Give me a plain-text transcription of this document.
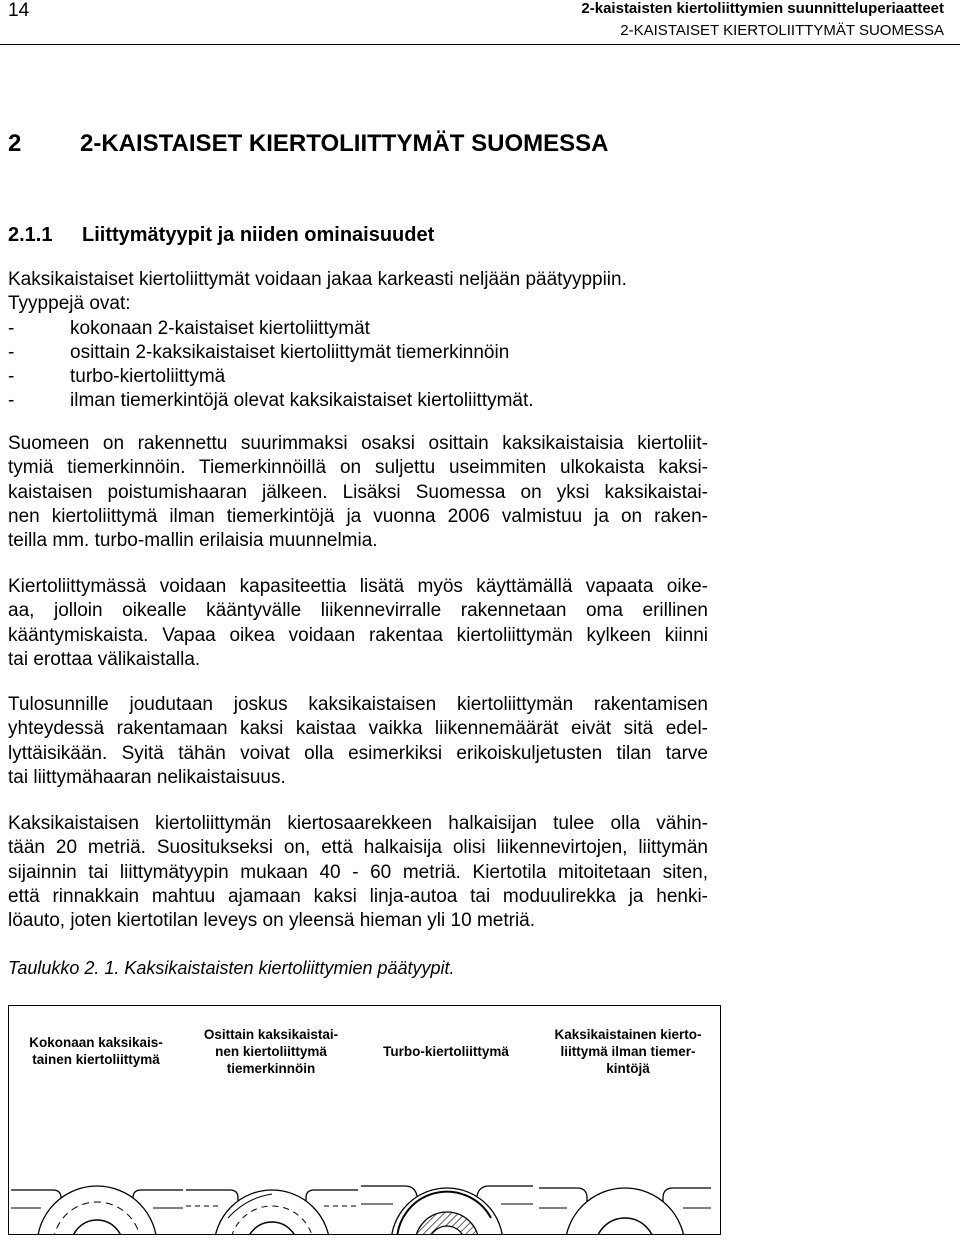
14	2-kaistaisten kiertoliittymien suunnitteluperiaatteet
2-KAISTAISET KIERTOLIITTYMÄT SUOMESSA
2 2-KAISTAISET KIERTOLIITTYMÄT SUOMESSA
2.1.1 Liittymätyypit ja niiden ominaisuudet
Kaksikaistaiset kiertoliittymät voidaan jakaa karkeasti neljään päätyyppiin.
Tyyppejä ovat:
-	kokonaan 2-kaistaiset kiertoliittymät
-	osittain 2-kaksikaistaiset kiertoliittymät tiemerkinnöin
-	turbo-kiertoliittymä
-	ilman tiemerkintöjä olevat kaksikaistaiset kiertoliittymät.
Suomeen on rakennettu suurimmaksi osaksi osittain kaksikaistaisia kiertoliit-
tymiä tiemerkinnöin. Tiemerkinnöillä on suljettu useimmiten ulkokaista kaksi-
kaistaisen poistumishaaran jälkeen. Lisäksi Suomessa on yksi kaksikaistai-
nen kiertoliittymä ilman tiemerkintöjä ja vuonna 2006 valmistuu ja on raken-
teilla mm. turbo-mallin erilaisia muunnelmia.
Kiertoliittymässä voidaan kapasiteettia lisätä myös käyttämällä vapaata oike-
aa, jolloin oikealle kääntyvälle liikennevirralle rakennetaan oma erillinen
kääntymiskaista. Vapaa oikea voidaan rakentaa kiertoliittymän kylkeen kiinni
tai erottaa välikaistalla.
Tulosunnille joudutaan joskus kaksikaistaisen kiertoliittymän rakentamisen
yhteydessä rakentamaan kaksi kaistaa vaikka liikennemäärät eivät sitä edel-
lyttäisikään. Syitä tähän voivat olla esimerkiksi erikoiskuljetusten tilan tarve
tai liittymähaaran nelikaistaisuus.
Kaksikaistaisen kiertoliittymän kiertosaarekkeen halkaisijan tulee olla vähin-
tään 20 metriä. Suositukseksi on, että halkaisija olisi liikennevirtojen, liittymän
sijainnin tai liittymätyypin mukaan 40 - 60 metriä. Kiertotila mitoitetaan siten,
että rinnakkain mahtuu ajamaan kaksi linja-autoa tai moduulirekka ja henki-
löauto, joten kiertotilan leveys on yleensä hieman yli 10 metriä.
Taulukko 2. 1. Kaksikaistaisten kiertoliittymien päätyypit.
Kokonaan kaksikais-
tainen kiertoliittymä
Osittain kaksikaistai-
nen kiertoliittymä
tiemerkinnöin
Turbo-kiertoliittymä
Kaksikaistainen kierto-
liittymä ilman tiemer-
kintöjä
